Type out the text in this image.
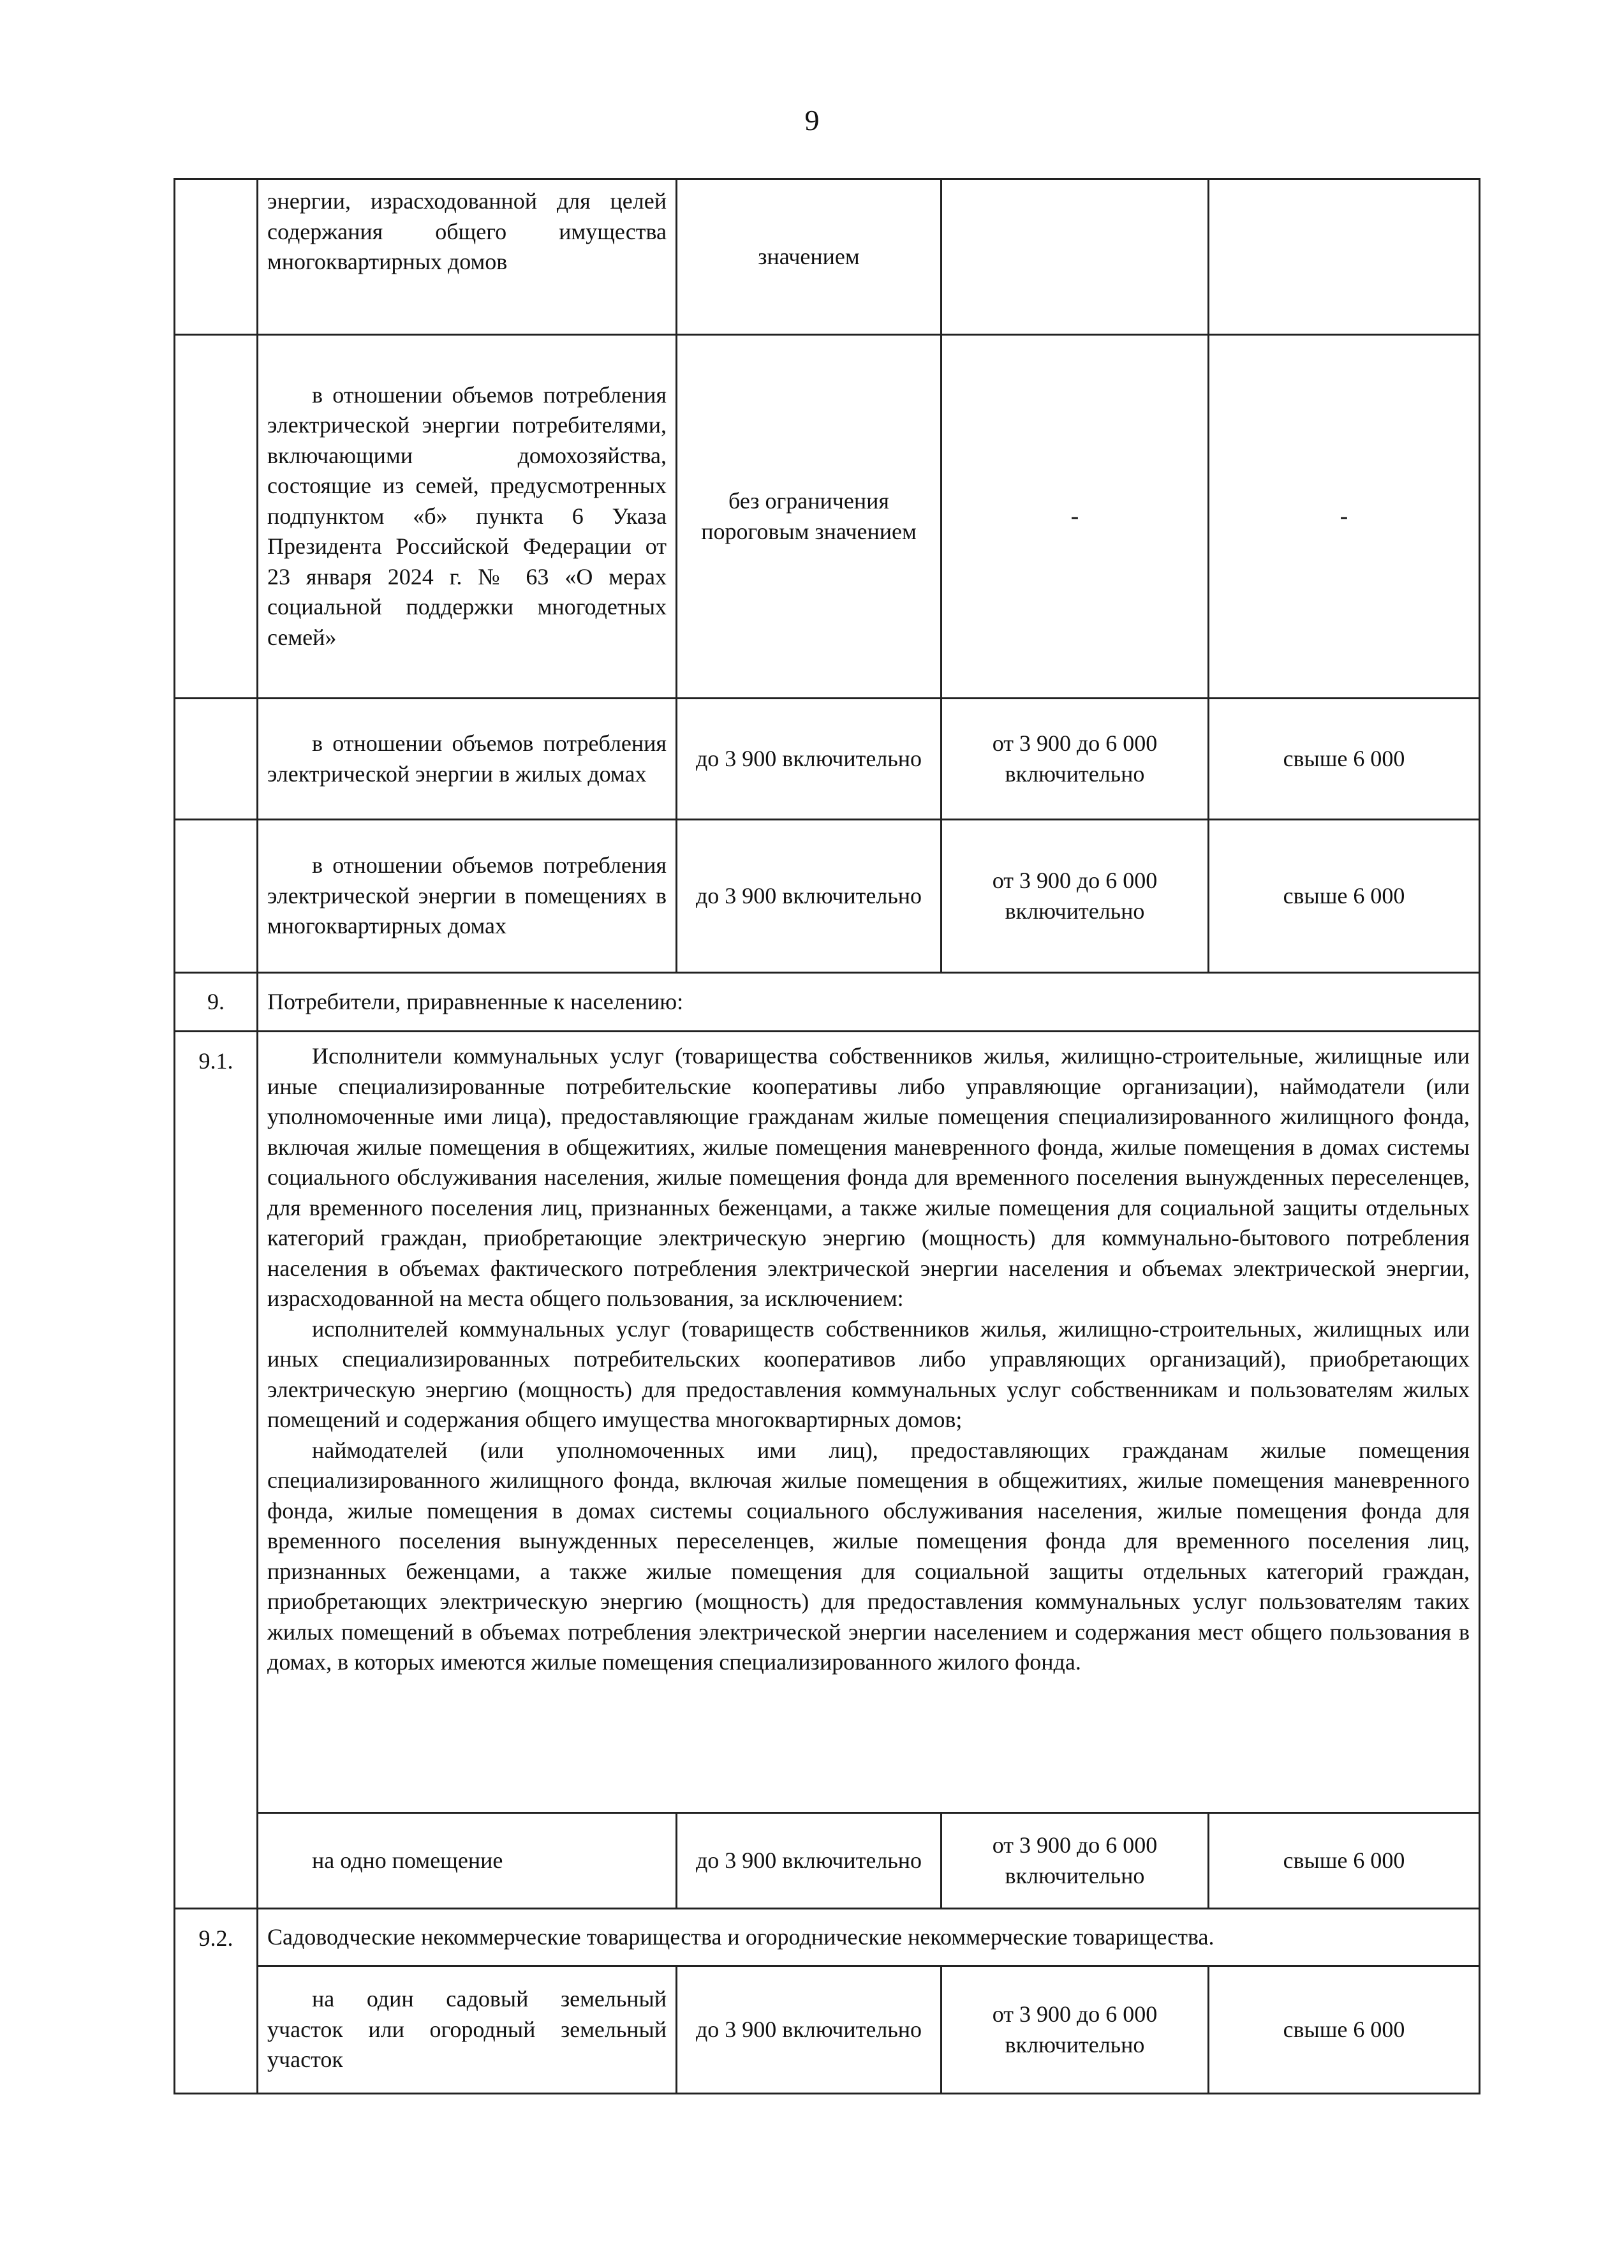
9
	энергии, израсходованной для целей содержания общего имущества многоквартирных домов	значением		

	в отношении объемов потребления электрической энергии потребителями, включающими домохозяйства, состоящие из семей, предусмотренных подпунктом «б» пункта 6 Указа Президента Российской Федерации от 23 января 2024 г. № 63 «О мерах социальной поддержки многодетных семей»	без ограничения пороговым значением	-	-

	в отношении объемов потребления электрической энергии в жилых домах	до 3 900 включительно	от 3 900 до 6 000 включительно	свыше 6 000

	в отношении объемов потребления электрической энергии в помещениях в многоквартирных домах	до 3 900 включительно	от 3 900 до 6 000 включительно	свыше 6 000
9.	Потребители, приравненные к населению:			
9.1.	Исполнители коммунальных услуг (товарищества собственников жилья, жилищно-строительные, жилищные или иные специализированные потребительские кооперативы либо управляющие организации), наймодатели (или уполномоченные ими лица), предоставляющие гражданам жилые помещения специализированного жилищного фонда, включая жилые помещения в общежитиях, жилые помещения маневренного фонда, жилые помещения в домах системы социального обслуживания населения, жилые помещения фонда для временного поселения вынужденных переселенцев, для временного поселения лиц, признанных беженцами, а также жилые помещения для социальной защиты отдельных категорий граждан, приобретающие электрическую энергию (мощность) для коммунально-бытового потребления населения в объемах фактического потребления электрической энергии населения и объемах электрической энергии, израсходованной на места общего пользования, за исключением:

исполнителей коммунальных услуг (товариществ собственников жилья, жилищно-строительных, жилищных или иных специализированных потребительских кооперативов либо управляющих организаций), приобретающих электрическую энергию (мощность) для предоставления коммунальных услуг собственникам и пользователям жилых помещений и содержания общего имущества многоквартирных домов;

наймодателей (или уполномоченных ими лиц), предоставляющих гражданам жилые помещения специализированного жилищного фонда, включая жилые помещения в общежитиях, жилые помещения маневренного фонда, жилые помещения в домах системы социального обслуживания населения, жилые помещения фонда для временного поселения вынужденных переселенцев, жилые помещения фонда для временного поселения лиц, признанных беженцами, а также жилые помещения для социальной защиты отдельных категорий граждан, приобретающих электрическую энергию (мощность) для предоставления коммунальных услуг пользователям таких жилых помещений в объемах потребления электрической энергии населением и содержания мест общего пользования в домах, в которых имеются жилые помещения специализированного жилого фонда.			

	на одно помещение	до 3 900 включительно	от 3 900 до 6 000 включительно	свыше 6 000
9.2.	Садоводческие некоммерческие товарищества и огороднические некоммерческие товарищества.			

	на один садовый земельный участок или огородный земельный участок	до 3 900 включительно	от 3 900 до 6 000 включительно	свыше 6 000
